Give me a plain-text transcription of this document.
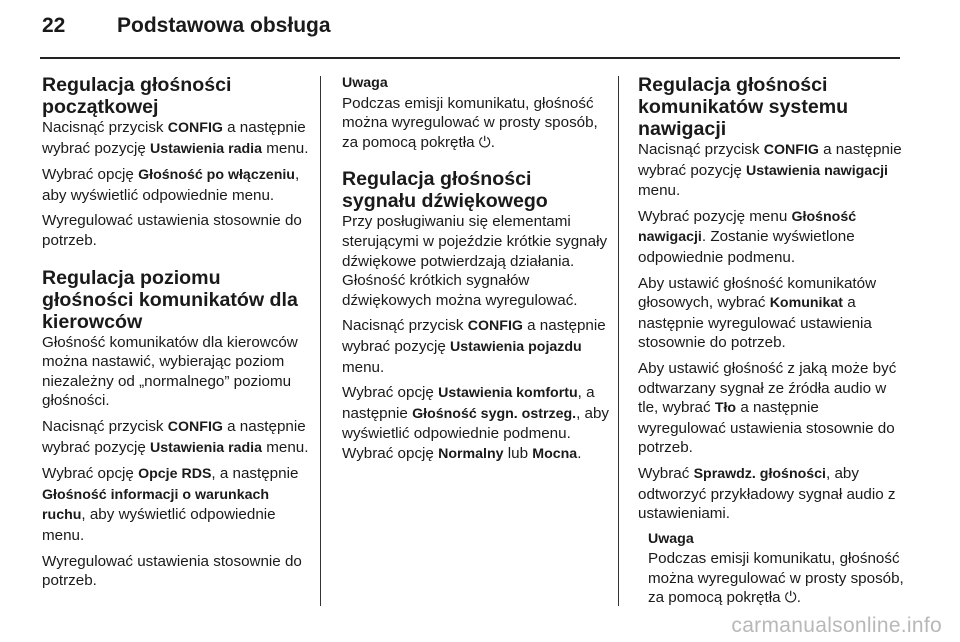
22 Podstawowa obsługa
Regulacja głośności początkowej

Nacisnąć przycisk CONFIG a następnie wybrać pozycję Ustawienia radia menu.

Wybrać opcję Głośność po włączeniu, aby wyświetlić odpowiednie menu.

Wyregulować ustawienia stosownie do potrzeb.

Regulacja poziomu głośności komunikatów dla kierowców

Głośność komunikatów dla kierowców można nastawić, wybierając poziom niezależny od „normalnego” poziomu głośności.

Nacisnąć przycisk CONFIG a następnie wybrać pozycję Ustawienia radia menu.

Wybrać opcję Opcje RDS, a następnie Głośność informacji o warunkach ruchu, aby wyświetlić odpowiednie menu.

Wyregulować ustawienia stosownie do potrzeb.

Uwaga
Podczas emisji komunikatu, głośność można wyregulować w prosty sposób, za pomocą pokrętła ⏻.
Regulacja głośności sygnału dźwiękowego

Przy posługiwaniu się elementami sterującymi w pojeździe krótkie sygnały dźwiękowe potwierdzają działania. Głośność krótkich sygnałów dźwiękowych można wyregulować.

Nacisnąć przycisk CONFIG a następnie wybrać pozycję Ustawienia pojazdu menu.

Wybrać opcję Ustawienia komfortu, a następnie Głośność sygn. ostrzeg., aby wyświetlić odpowiednie podmenu. Wybrać opcję Normalny lub Mocna.

Regulacja głośności komunikatów systemu nawigacji

Nacisnąć przycisk CONFIG a następnie wybrać pozycję Ustawienia nawigacji menu.

Wybrać pozycję menu Głośność nawigacji. Zostanie wyświetlone odpowiednie podmenu.

Aby ustawić głośność komunikatów głosowych, wybrać Komunikat a następnie wyregulować ustawienia stosownie do potrzeb.

Aby ustawić głośność z jaką może być odtwarzany sygnał ze źródła audio w tle, wybrać Tło a następnie wyregulować ustawienia stosownie do potrzeb.

Wybrać Sprawdz. głośności, aby odtworzyć przykładowy sygnał audio z ustawieniami.

Uwaga
Podczas emisji komunikatu, głośność można wyregulować w prosty sposób, za pomocą pokrętła ⏻.
carmanualsonline.info
